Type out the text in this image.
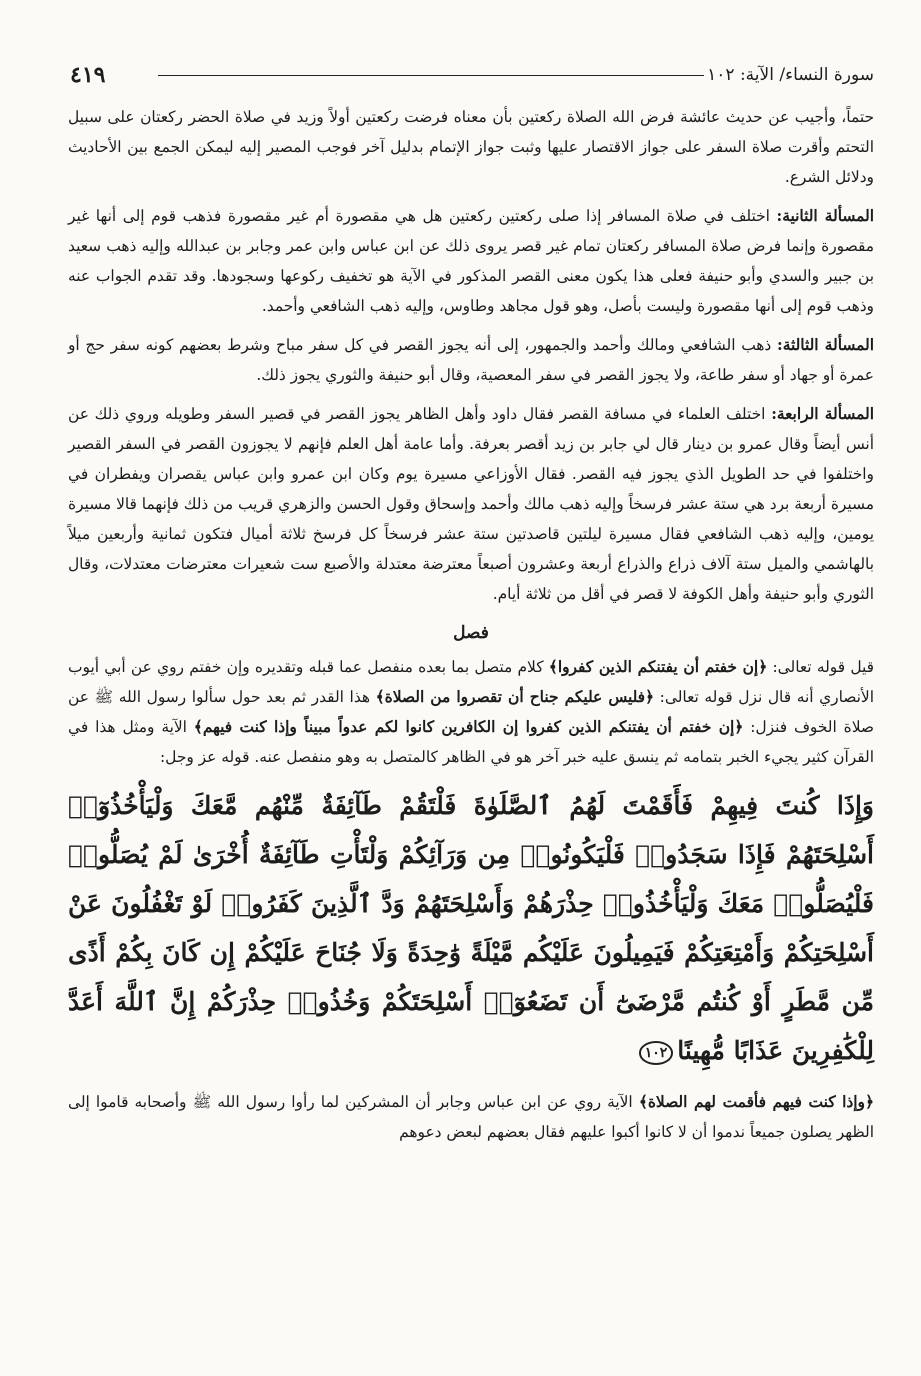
سورة النساء/ الآية: ١٠٢
٤١٩

حتماً، وأجيب عن حديث عائشة فرض الله الصلاة ركعتين بأن معناه فرضت ركعتين أولاً وزيد في صلاة الحضر ركعتان على سبيل التحتم وأقرت صلاة السفر على جواز الاقتصار عليها وثبت جواز الإتمام بدليل آخر فوجب المصير إليه ليمكن الجمع بين الأحاديث ودلائل الشرع.

المسألة الثانية: اختلف في صلاة المسافر إذا صلى ركعتين ركعتين هل هي مقصورة أم غير مقصورة فذهب قوم إلى أنها غير مقصورة وإنما فرض صلاة المسافر ركعتان تمام غير قصر يروى ذلك عن ابن عباس وابن عمر وجابر بن عبدالله وإليه ذهب سعيد بن جبير والسدي وأبو حنيفة فعلى هذا يكون معنى القصر المذكور في الآية هو تخفيف ركوعها وسجودها. وقد تقدم الجواب عنه وذهب قوم إلى أنها مقصورة وليست بأصل، وهو قول مجاهد وطاوس، وإليه ذهب الشافعي وأحمد.

المسألة الثالثة: ذهب الشافعي ومالك وأحمد والجمهور، إلى أنه يجوز القصر في كل سفر مباح وشرط بعضهم كونه سفر حج أو عمرة أو جهاد أو سفر طاعة، ولا يجوز القصر في سفر المعصية، وقال أبو حنيفة والثوري يجوز ذلك.

المسألة الرابعة: اختلف العلماء في مسافة القصر فقال داود وأهل الظاهر يجوز القصر في قصير السفر وطويله وروي ذلك عن أنس أيضاً وقال عمرو بن دينار قال لي جابر بن زيد أقصر بعرفة. وأما عامة أهل العلم فإنهم لا يجوزون القصر في السفر القصير واختلفوا في حد الطويل الذي يجوز فيه القصر. فقال الأوزاعي مسيرة يوم وكان ابن عمرو وابن عباس يقصران ويفطران في مسيرة أربعة برد هي ستة عشر فرسخاً وإليه ذهب مالك وأحمد وإسحاق وقول الحسن والزهري قريب من ذلك فإنهما قالا مسيرة يومين، وإليه ذهب الشافعي فقال مسيرة ليلتين قاصدتين ستة عشر فرسخاً كل فرسخ ثلاثة أميال فتكون ثمانية وأربعين ميلاً بالهاشمي والميل ستة آلاف ذراع والذراع أربعة وعشرون أصبعاً معترضة معتدلة والأصبع ست شعيرات معترضات معتدلات، وقال الثوري وأبو حنيفة وأهل الكوفة لا قصر في أقل من ثلاثة أيام.

فصل

قيل قوله تعالى: ﴿إن خفتم أن يفتنكم الذين كفروا﴾ كلام متصل بما بعده منفصل عما قبله وتقديره وإن خفتم روي عن أبي أيوب الأنصاري أنه قال نزل قوله تعالى: ﴿فليس عليكم جناح أن تقصروا من الصلاة﴾ هذا القدر ثم بعد حول سألوا رسول الله ﷺ عن صلاة الخوف فنزل: ﴿إن خفتم أن يفتنكم الذين كفروا إن الكافرين كانوا لكم عدواً مبيناً وإذا كنت فيهم﴾ الآية ومثل هذا في القرآن كثير يجيء الخبر بتمامه ثم ينسق عليه خبر آخر هو في الظاهر كالمتصل به وهو منفصل عنه. قوله عز وجل:

وَإِذَا كُنتَ فِيهِمْ فَأَقَمْتَ لَهُمُ ٱلصَّلَوٰةَ فَلْتَقُمْ طَآئِفَةٌ مِّنْهُم مَّعَكَ وَلْيَأْخُذُوٓا۟ أَسْلِحَتَهُمْ فَإِذَا سَجَدُوا۟ فَلْيَكُونُوا۟ مِن وَرَآئِكُمْ وَلْتَأْتِ طَآئِفَةٌ أُخْرَىٰ لَمْ يُصَلُّوا۟ فَلْيُصَلُّوا۟ مَعَكَ وَلْيَأْخُذُوا۟ حِذْرَهُمْ وَأَسْلِحَتَهُمْ وَدَّ ٱلَّذِينَ كَفَرُوا۟ لَوْ تَغْفُلُونَ عَنْ أَسْلِحَتِكُمْ وَأَمْتِعَتِكُمْ فَيَمِيلُونَ عَلَيْكُم مَّيْلَةً وَٰحِدَةً وَلَا جُنَاحَ عَلَيْكُمْ إِن كَانَ بِكُمْ أَذًى مِّن مَّطَرٍ أَوْ كُنتُم مَّرْضَىٰٓ أَن تَضَعُوٓا۟ أَسْلِحَتَكُمْ وَخُذُوا۟ حِذْرَكُمْ إِنَّ ٱللَّهَ أَعَدَّ لِلْكَٰفِرِينَ عَذَابًا مُّهِينًا١٠٢

﴿وإذا كنت فيهم فأقمت لهم الصلاة﴾ الآية روي عن ابن عباس وجابر أن المشركين لما رأوا رسول الله ﷺ وأصحابه قاموا إلى الظهر يصلون جميعاً ندموا أن لا كانوا أكبوا عليهم فقال بعضهم لبعض دعوهم
